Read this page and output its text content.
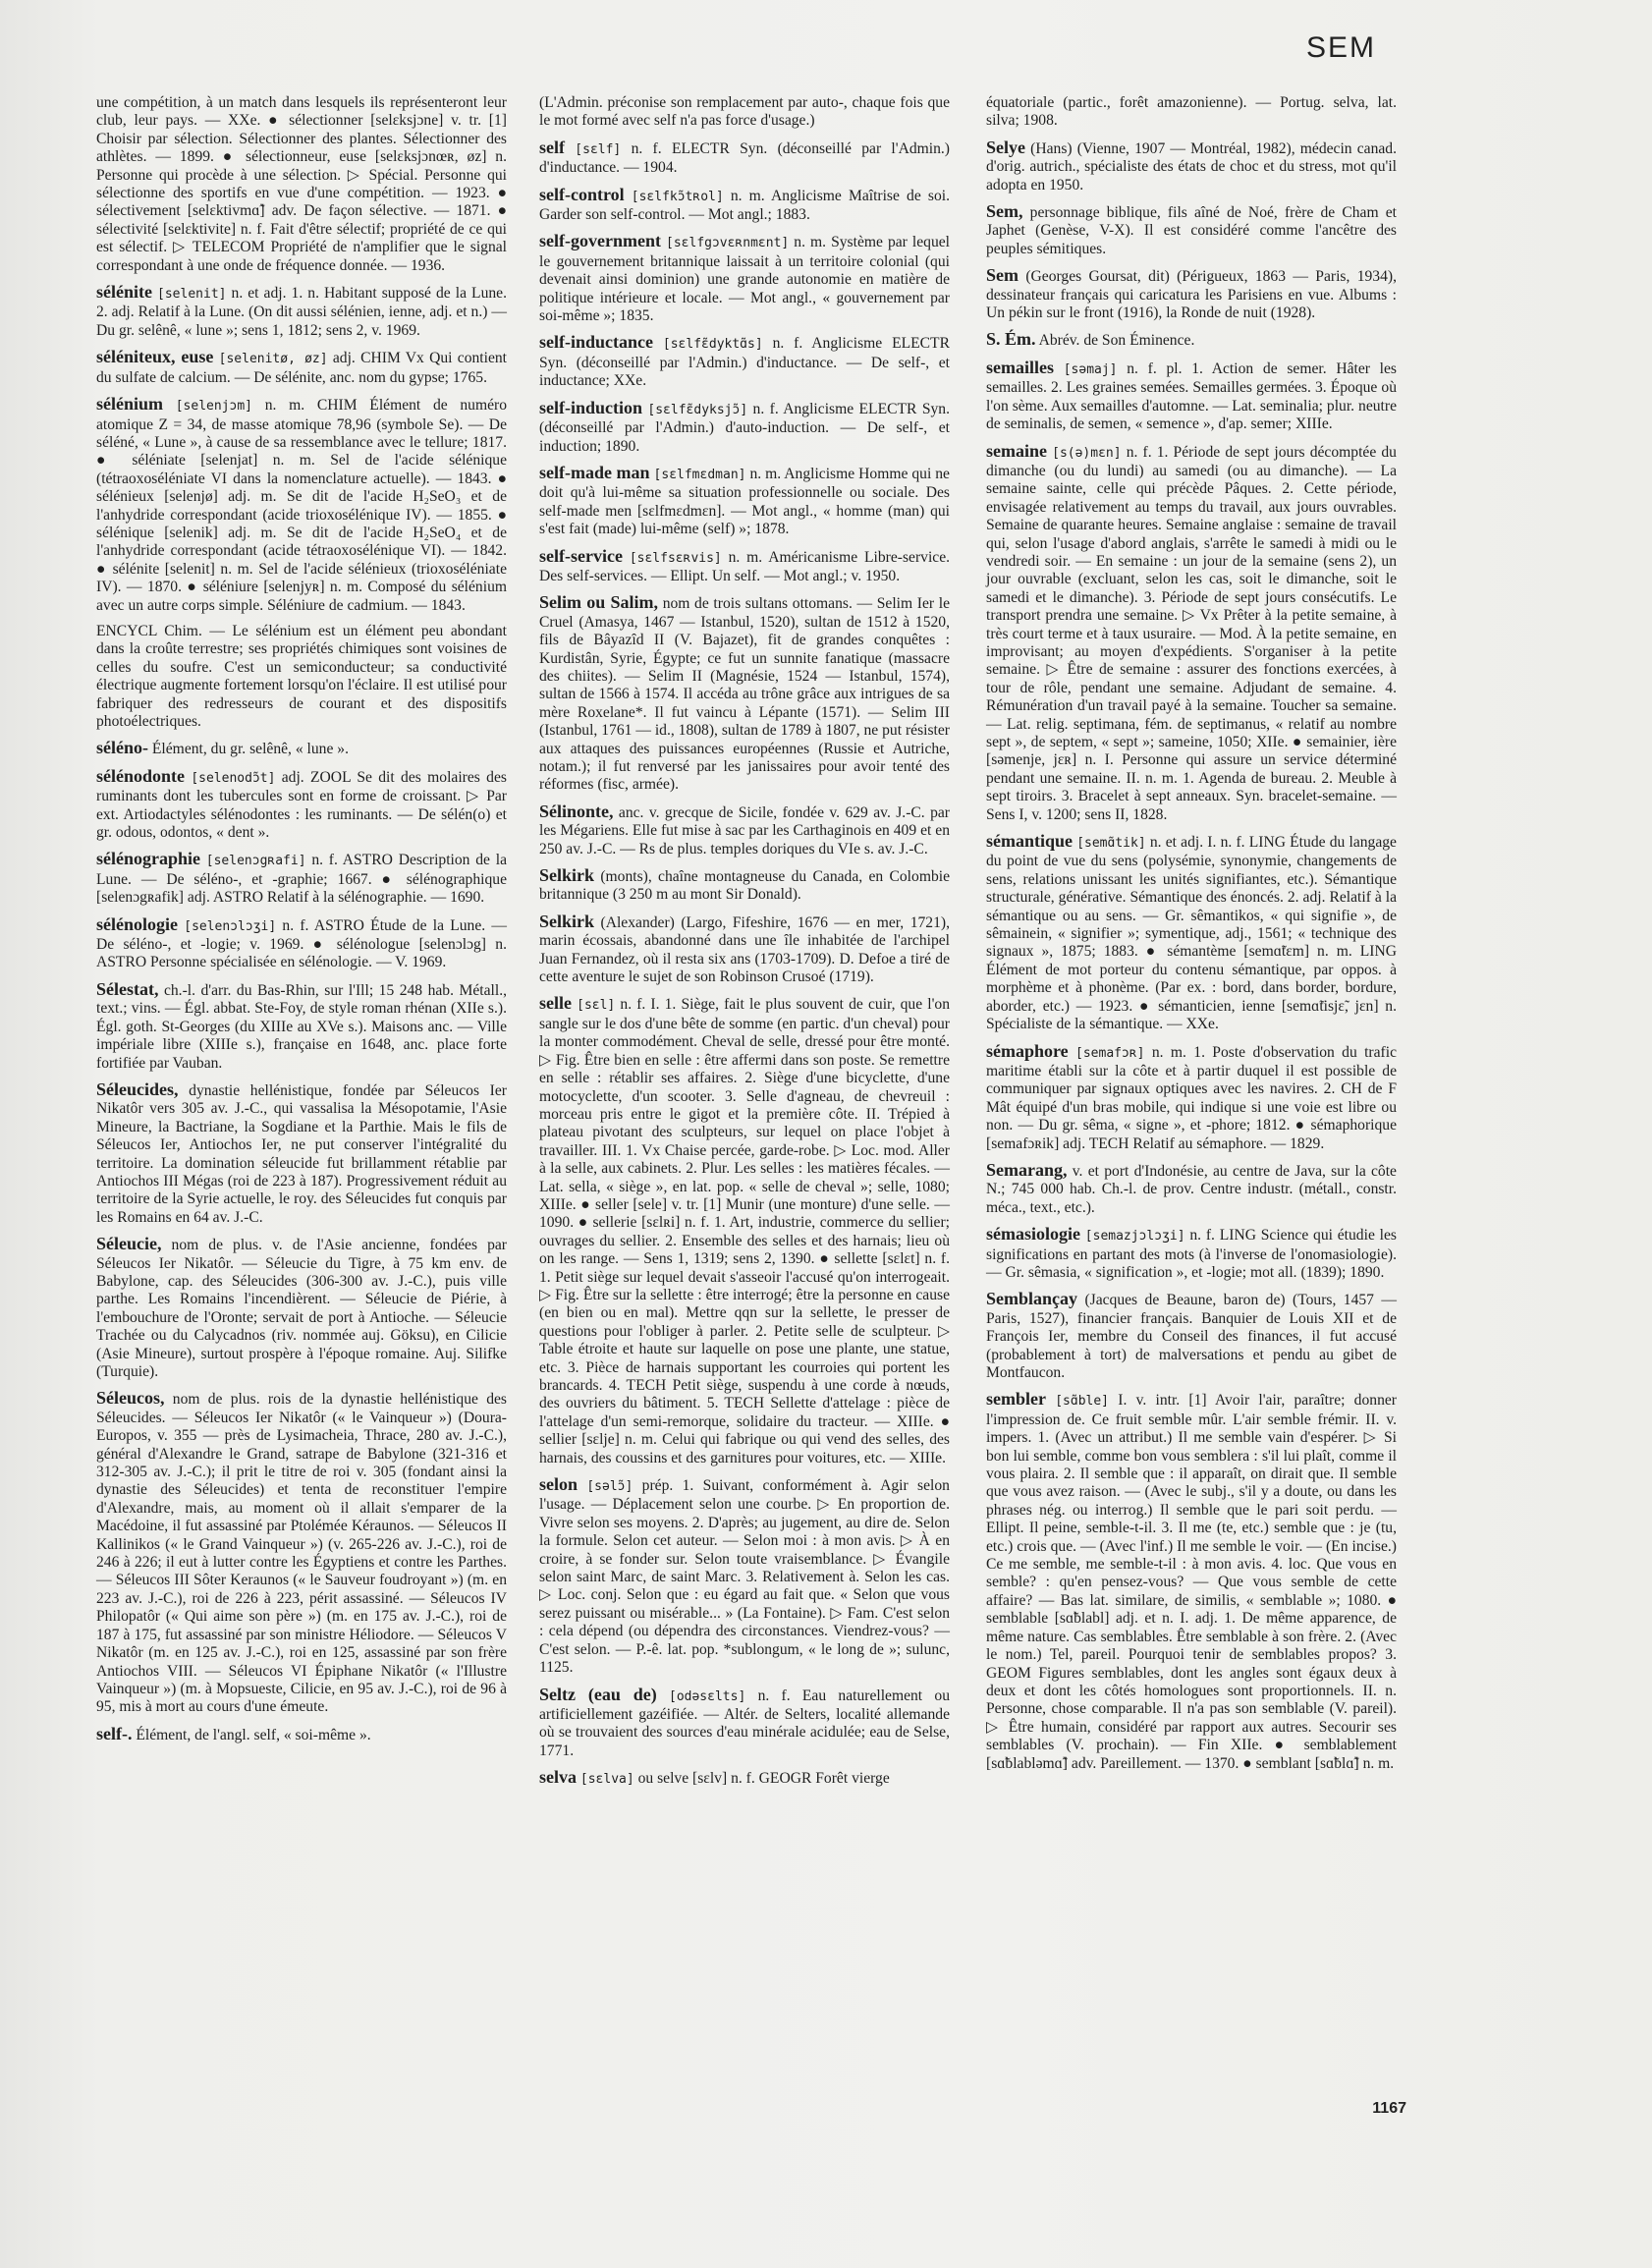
SEM

une compétition, à un match dans lesquels ils représenteront leur club, leur pays. — XXe. ● sélectionner [selɛksjɔne] v. tr. [1] Choisir par sélection. Sélectionner des plantes. Sélectionner des athlètes. — 1899. ● sélectionneur, euse [selɛksjɔnœʀ, øz] n. Personne qui procède à une sélection. ▷ Spécial. Personne qui sélectionne des sportifs en vue d'une compétition. — 1923. ● sélectivement [selɛktivmɑ̃] adv. De façon sélective. — 1871. ● sélectivité [selɛktivite] n. f. Fait d'être sélectif; propriété de ce qui est sélectif. ▷ TELECOM Propriété de n'amplifier que le signal correspondant à une onde de fréquence donnée. — 1936.

sélénite [selenit] n. et adj. 1. n. Habitant supposé de la Lune. 2. adj. Relatif à la Lune. (On dit aussi sélénien, ienne, adj. et n.) — Du gr. selênê, « lune »; sens 1, 1812; sens 2, v. 1969.

séléniteux, euse [selenitø, øz] adj. CHIM Vx Qui contient du sulfate de calcium. — De sélénite, anc. nom du gypse; 1765.

sélénium [selenjɔm] n. m. CHIM Élément de numéro atomique Z = 34, de masse atomique 78,96 (symbole Se). — De séléné, « Lune », à cause de sa ressemblance avec le tellure; 1817. ● séléniate [selenjat] n. m. Sel de l'acide sélénique (tétraoxoséléniate VI dans la nomenclature actuelle). — 1843. ● sélénieux [selenjø] adj. m. Se dit de l'acide H₂SeO₃ et de l'anhydride correspondant (acide trioxosélénique IV). — 1855. ● sélénique [selenik] adj. m. Se dit de l'acide H₂SeO₄ et de l'anhydride correspondant (acide tétraoxosélénique VI). — 1842. ● sélénite [selenit] n. m. Sel de l'acide sélénieux (trioxoséléniate IV). — 1870. ● séléniure [selenjyʀ] n. m. Composé du sélénium avec un autre corps simple. Séléniure de cadmium. — 1843.

ENCYCL Chim. — Le sélénium est un élément peu abondant dans la croûte terrestre; ses propriétés chimiques sont voisines de celles du soufre. C'est un semiconducteur; sa conductivité électrique augmente fortement lorsqu'on l'éclaire. Il est utilisé pour fabriquer des redresseurs de courant et des dispositifs photoélectriques.

séléno- Élément, du gr. selênê, « lune ».

sélénodonte [selenodɔ̃t] adj. ZOOL Se dit des molaires des ruminants dont les tubercules sont en forme de croissant. ▷ Par ext. Artiodactyles sélénodontes : les ruminants. — De sélén(o) et gr. odous, odontos, « dent ».

sélénographie [selenɔgʀafi] n. f. ASTRO Description de la Lune. — De séléno-, et -graphie; 1667. ● sélénographique [selenɔgʀafik] adj. ASTRO Relatif à la sélénographie. — 1690.

sélénologie [selenɔlɔʒi] n. f. ASTRO Étude de la Lune. — De séléno-, et -logie; v. 1969. ● sélénologue [selenɔlɔg] n. ASTRO Personne spécialisée en sélénologie. — V. 1969.

Sélestat, ch.-l. d'arr. du Bas-Rhin, sur l'Ill; 15 248 hab. Métall., text.; vins. — Égl. abbat. Ste-Foy, de style roman rhénan (XIIe s.). Égl. goth. St-Georges (du XIIIe au XVe s.). Maisons anc. — Ville impériale libre (XIIIe s.), française en 1648, anc. place forte fortifiée par Vauban.

Séleucides, dynastie hellénistique, fondée par Séleucos Ier Nikatôr vers 305 av. J.-C., qui vassalisa la Mésopotamie, l'Asie Mineure, la Bactriane, la Sogdiane et la Parthie. Mais le fils de Séleucos Ier, Antiochos Ier, ne put conserver l'intégralité du territoire. La domination séleucide fut brillamment rétablie par Antiochos III Mégas (roi de 223 à 187). Progressivement réduit au territoire de la Syrie actuelle, le roy. des Séleucides fut conquis par les Romains en 64 av. J.-C.

Séleucie, nom de plus. v. de l'Asie ancienne, fondées par Séleucos Ier Nikatôr. — Séleucie du Tigre, à 75 km env. de Babylone, cap. des Séleucides (306-300 av. J.-C.), puis ville parthe. Les Romains l'incendièrent. — Séleucie de Piérie, à l'embouchure de l'Oronte; servait de port à Antioche. — Séleucie Trachée ou du Calycadnos (riv. nommée auj. Göksu), en Cilicie (Asie Mineure), surtout prospère à l'époque romaine. Auj. Silifke (Turquie).

Séleucos, nom de plus. rois de la dynastie hellénistique des Séleucides. — Séleucos Ier Nikatôr (« le Vainqueur ») (Doura-Europos, v. 355 — près de Lysimacheia, Thrace, 280 av. J.-C.), général d'Alexandre le Grand, satrape de Babylone (321-316 et 312-305 av. J.-C.); il prit le titre de roi v. 305 (fondant ainsi la dynastie des Séleucides) et tenta de reconstituer l'empire d'Alexandre, mais, au moment où il allait s'emparer de la Macédoine, il fut assassiné par Ptolémée Kéraunos. — Séleucos II Kallinikos (« le Grand Vainqueur ») (v. 265-226 av. J.-C.), roi de 246 à 226; il eut à lutter contre les Égyptiens et contre les Parthes. — Séleucos III Sôter Keraunos (« le Sauveur foudroyant ») (m. en 223 av. J.-C.), roi de 226 à 223, périt assassiné. — Séleucos IV Philopatôr (« Qui aime son père ») (m. en 175 av. J.-C.), roi de 187 à 175, fut assassiné par son ministre Héliodore. — Séleucos V Nikatôr (m. en 125 av. J.-C.), roi en 125, assassiné par son frère Antiochos VIII. — Séleucos VI Épiphane Nikatôr (« l'Illustre Vainqueur ») (m. à Mopsueste, Cilicie, en 95 av. J.-C.), roi de 96 à 95, mis à mort au cours d'une émeute.

self-. Élément, de l'angl. self, « soi-même ».

(L'Admin. préconise son remplacement par auto-, chaque fois que le mot formé avec self n'a pas force d'usage.)

self [sɛlf] n. f. ELECTR Syn. (déconseillé par l'Admin.) d'inductance. — 1904.

self-control [sɛlfkɔ̃tʀol] n. m. Anglicisme Maîtrise de soi. Garder son self-control. — Mot angl.; 1883.

self-government [sɛlfgɔvɛʀnmɛnt] n. m. Système par lequel le gouvernement britannique laissait à un territoire colonial (qui devenait ainsi dominion) une grande autonomie en matière de politique intérieure et locale. — Mot angl., « gouvernement par soi-même »; 1835.

self-inductance [sɛlfɛ̃dyktɑ̃s] n. f. Anglicisme ELECTR Syn. (déconseillé par l'Admin.) d'inductance. — De self-, et inductance; XXe.

self-induction [sɛlfɛ̃dyksjɔ̃] n. f. Anglicisme ELECTR Syn. (déconseillé par l'Admin.) d'auto-induction. — De self-, et induction; 1890.

self-made man [sɛlfmɛdman] n. m. Anglicisme Homme qui ne doit qu'à lui-même sa situation professionnelle ou sociale. Des self-made men [sɛlfmɛdmɛn]. — Mot angl., « homme (man) qui s'est fait (made) lui-même (self) »; 1878.

self-service [sɛlfsɛʀvis] n. m. Américanisme Libre-service. Des self-services. — Ellipt. Un self. — Mot angl.; v. 1950.

Selim ou Salim, nom de trois sultans ottomans. — Selim Ier le Cruel (Amasya, 1467 — Istanbul, 1520), sultan de 1512 à 1520, fils de Bâyazîd II (V. Bajazet), fit de grandes conquêtes : Kurdistân, Syrie, Égypte; ce fut un sunnite fanatique (massacre des chiites). — Selim II (Magnésie, 1524 — Istanbul, 1574), sultan de 1566 à 1574. Il accéda au trône grâce aux intrigues de sa mère Roxelane*. Il fut vaincu à Lépante (1571). — Selim III (Istanbul, 1761 — id., 1808), sultan de 1789 à 1807, ne put résister aux attaques des puissances européennes (Russie et Autriche, notam.); il fut renversé par les janissaires pour avoir tenté des réformes (fisc, armée).

Sélinonte, anc. v. grecque de Sicile, fondée v. 629 av. J.-C. par les Mégariens. Elle fut mise à sac par les Carthaginois en 409 et en 250 av. J.-C. — Rs de plus. temples doriques du VIe s. av. J.-C.

Selkirk (monts), chaîne montagneuse du Canada, en Colombie britannique (3 250 m au mont Sir Donald).

Selkirk (Alexander) (Largo, Fifeshire, 1676 — en mer, 1721), marin écossais, abandonné dans une île inhabitée de l'archipel Juan Fernandez, où il resta six ans (1703-1709). D. Defoe a tiré de cette aventure le sujet de son Robinson Crusoé (1719).

selle [sɛl] n. f. I. 1. Siège, fait le plus souvent de cuir, que l'on sangle sur le dos d'une bête de somme (en partic. d'un cheval) pour la monter commodément. Cheval de selle, dressé pour être monté. ▷ Fig. Être bien en selle : être affermi dans son poste. Se remettre en selle : rétablir ses affaires. 2. Siège d'une bicyclette, d'une motocyclette, d'un scooter. 3. Selle d'agneau, de chevreuil : morceau pris entre le gigot et la première côte. II. Trépied à plateau pivotant des sculpteurs, sur lequel on place l'objet à travailler. III. 1. Vx Chaise percée, garde-robe. ▷ Loc. mod. Aller à la selle, aux cabinets. 2. Plur. Les selles : les matières fécales. — Lat. sella, « siège », en lat. pop. « selle de cheval »; selle, 1080; XIIIe. ● seller [sele] v. tr. [1] Munir (une monture) d'une selle. — 1090. ● sellerie [sɛlʀi] n. f. 1. Art, industrie, commerce du sellier; ouvrages du sellier. 2. Ensemble des selles et des harnais; lieu où on les range. — Sens 1, 1319; sens 2, 1390. ● sellette [sɛlɛt] n. f. 1. Petit siège sur lequel devait s'asseoir l'accusé qu'on interrogeait. ▷ Fig. Être sur la sellette : être interrogé; être la personne en cause (en bien ou en mal). Mettre qqn sur la sellette, le presser de questions pour l'obliger à parler. 2. Petite selle de sculpteur. ▷ Table étroite et haute sur laquelle on pose une plante, une statue, etc. 3. Pièce de harnais supportant les courroies qui portent les brancards. 4. TECH Petit siège, suspendu à une corde à nœuds, des ouvriers du bâtiment. 5. TECH Sellette d'attelage : pièce de l'attelage d'un semi-remorque, solidaire du tracteur. — XIIIe. ● sellier [sɛlje] n. m. Celui qui fabrique ou qui vend des selles, des harnais, des coussins et des garnitures pour voitures, etc. — XIIIe.

selon [səlɔ̃] prép. 1. Suivant, conformément à. Agir selon l'usage. — Déplacement selon une courbe. ▷ En proportion de. Vivre selon ses moyens. 2. D'après; au jugement, au dire de. Selon la formule. Selon cet auteur. — Selon moi : à mon avis. ▷ À en croire, à se fonder sur. Selon toute vraisemblance. ▷ Évangile selon saint Marc, de saint Marc. 3. Relativement à. Selon les cas. ▷ Loc. conj. Selon que : eu égard au fait que. « Selon que vous serez puissant ou misérable... » (La Fontaine). ▷ Fam. C'est selon : cela dépend (ou dépendra des circonstances. Viendrez-vous? — C'est selon. — P.-ê. lat. pop. *sublongum, « le long de »; sulunc, 1125.

Seltz (eau de) [odəsɛlts] n. f. Eau naturellement ou artificiellement gazéifiée. — Altér. de Selters, localité allemande où se trouvaient des sources d'eau minérale acidulée; eau de Selse, 1771.

selva [sɛlva] ou selve [sɛlv] n. f. GEOGR Forêt vierge

équatoriale (partic., forêt amazonienne). — Portug. selva, lat. silva; 1908.

Selye (Hans) (Vienne, 1907 — Montréal, 1982), médecin canad. d'orig. autrich., spécialiste des états de choc et du stress, mot qu'il adopta en 1950.

Sem, personnage biblique, fils aîné de Noé, frère de Cham et Japhet (Genèse, V-X). Il est considéré comme l'ancêtre des peuples sémitiques.

Sem (Georges Goursat, dit) (Périgueux, 1863 — Paris, 1934), dessinateur français qui caricatura les Parisiens en vue. Albums : Un pékin sur le front (1916), la Ronde de nuit (1928).

S. Ém. Abrév. de Son Éminence.

semailles [səmaj] n. f. pl. 1. Action de semer. Hâter les semailles. 2. Les graines semées. Semailles germées. 3. Époque où l'on sème. Aux semailles d'automne. — Lat. seminalia; plur. neutre de seminalis, de semen, « semence », d'ap. semer; XIIIe.

semaine [s(ə)mɛn] n. f. 1. Période de sept jours décomptée du dimanche (ou du lundi) au samedi (ou au dimanche). — La semaine sainte, celle qui précède Pâques. 2. Cette période, envisagée relativement au temps du travail, aux jours ouvrables. Semaine de quarante heures. Semaine anglaise : semaine de travail qui, selon l'usage d'abord anglais, s'arrête le samedi à midi ou le vendredi soir. — En semaine : un jour de la semaine (sens 2), un jour ouvrable (excluant, selon les cas, soit le dimanche, soit le samedi et le dimanche). 3. Période de sept jours consécutifs. Le transport prendra une semaine. ▷ Vx Prêter à la petite semaine, à très court terme et à taux usuraire. — Mod. À la petite semaine, en improvisant; au moyen d'expédients. S'organiser à la petite semaine. ▷ Être de semaine : assurer des fonctions exercées, à tour de rôle, pendant une semaine. Adjudant de semaine. 4. Rémunération d'un travail payé à la semaine. Toucher sa semaine. — Lat. relig. septimana, fém. de septimanus, « relatif au nombre sept », de septem, « sept »; sameine, 1050; XIIe. ● semainier, ière [səmenje, jɛʀ] n. I. Personne qui assure un service déterminé pendant une semaine. II. n. m. 1. Agenda de bureau. 2. Meuble à sept tiroirs. 3. Bracelet à sept anneaux. Syn. bracelet-semaine. — Sens I, v. 1200; sens II, 1828.

sémantique [semɑ̃tik] n. et adj. I. n. f. LING Étude du langage du point de vue du sens (polysémie, synonymie, changements de sens, relations unissant les unités signifiantes, etc.). Sémantique structurale, générative. Sémantique des énoncés. 2. adj. Relatif à la sémantique ou au sens. — Gr. sêmantikos, « qui signifie », de sêmainein, « signifier »; symentique, adj., 1561; « technique des signaux », 1875; 1883. ● sémantème [semɑ̃tɛm] n. m. LING Élément de mot porteur du contenu sémantique, par oppos. à morphème et à phonème. (Par ex. : bord, dans border, bordure, aborder, etc.) — 1923. ● sémanticien, ienne [semɑ̃tisjɛ̃, jɛn] n. Spécialiste de la sémantique. — XXe.

sémaphore [semafɔʀ] n. m. 1. Poste d'observation du trafic maritime établi sur la côte et à partir duquel il est possible de communiquer par signaux optiques avec les navires. 2. CH de F Mât équipé d'un bras mobile, qui indique si une voie est libre ou non. — Du gr. sêma, « signe », et -phore; 1812. ● sémaphorique [semafɔʀik] adj. TECH Relatif au sémaphore. — 1829.

Semarang, v. et port d'Indonésie, au centre de Java, sur la côte N.; 745 000 hab. Ch.-l. de prov. Centre industr. (métall., constr. méca., text., etc.).

sémasiologie [semazjɔlɔʒi] n. f. LING Science qui étudie les significations en partant des mots (à l'inverse de l'onomasiologie). — Gr. sêmasia, « signification », et -logie; mot all. (1839); 1890.

Semblançay (Jacques de Beaune, baron de) (Tours, 1457 — Paris, 1527), financier français. Banquier de Louis XII et de François Ier, membre du Conseil des finances, il fut accusé (probablement à tort) de malversations et pendu au gibet de Montfaucon.

sembler [sɑ̃ble] I. v. intr. [1] Avoir l'air, paraître; donner l'impression de. Ce fruit semble mûr. L'air semble frémir. II. v. impers. 1. (Avec un attribut.) Il me semble vain d'espérer. ▷ Si bon lui semble, comme bon vous semblera : s'il lui plaît, comme il vous plaira. 2. Il semble que : il apparaît, on dirait que. Il semble que vous avez raison. — (Avec le subj., s'il y a doute, ou dans les phrases nég. ou interrog.) Il semble que le pari soit perdu. — Ellipt. Il peine, semble-t-il. 3. Il me (te, etc.) semble que : je (tu, etc.) crois que. — (Avec l'inf.) Il me semble le voir. — (En incise.) Ce me semble, me semble-t-il : à mon avis. 4. loc. Que vous en semble? : qu'en pensez-vous? — Que vous semble de cette affaire? — Bas lat. similare, de similis, « semblable »; 1080. ● semblable [sɑ̃blabl] adj. et n. I. adj. 1. De même apparence, de même nature. Cas semblables. Être semblable à son frère. 2. (Avec le nom.) Tel, pareil. Pourquoi tenir de semblables propos? 3. GEOM Figures semblables, dont les angles sont égaux deux à deux et dont les côtés homologues sont proportionnels. II. n. Personne, chose comparable. Il n'a pas son semblable (V. pareil). ▷ Être humain, considéré par rapport aux autres. Secourir ses semblables (V. prochain). — Fin XIIe. ● semblablement [sɑ̃blabləmɑ̃] adv. Pareillement. — 1370. ● semblant [sɑ̃blɑ̃] n. m.

1167
